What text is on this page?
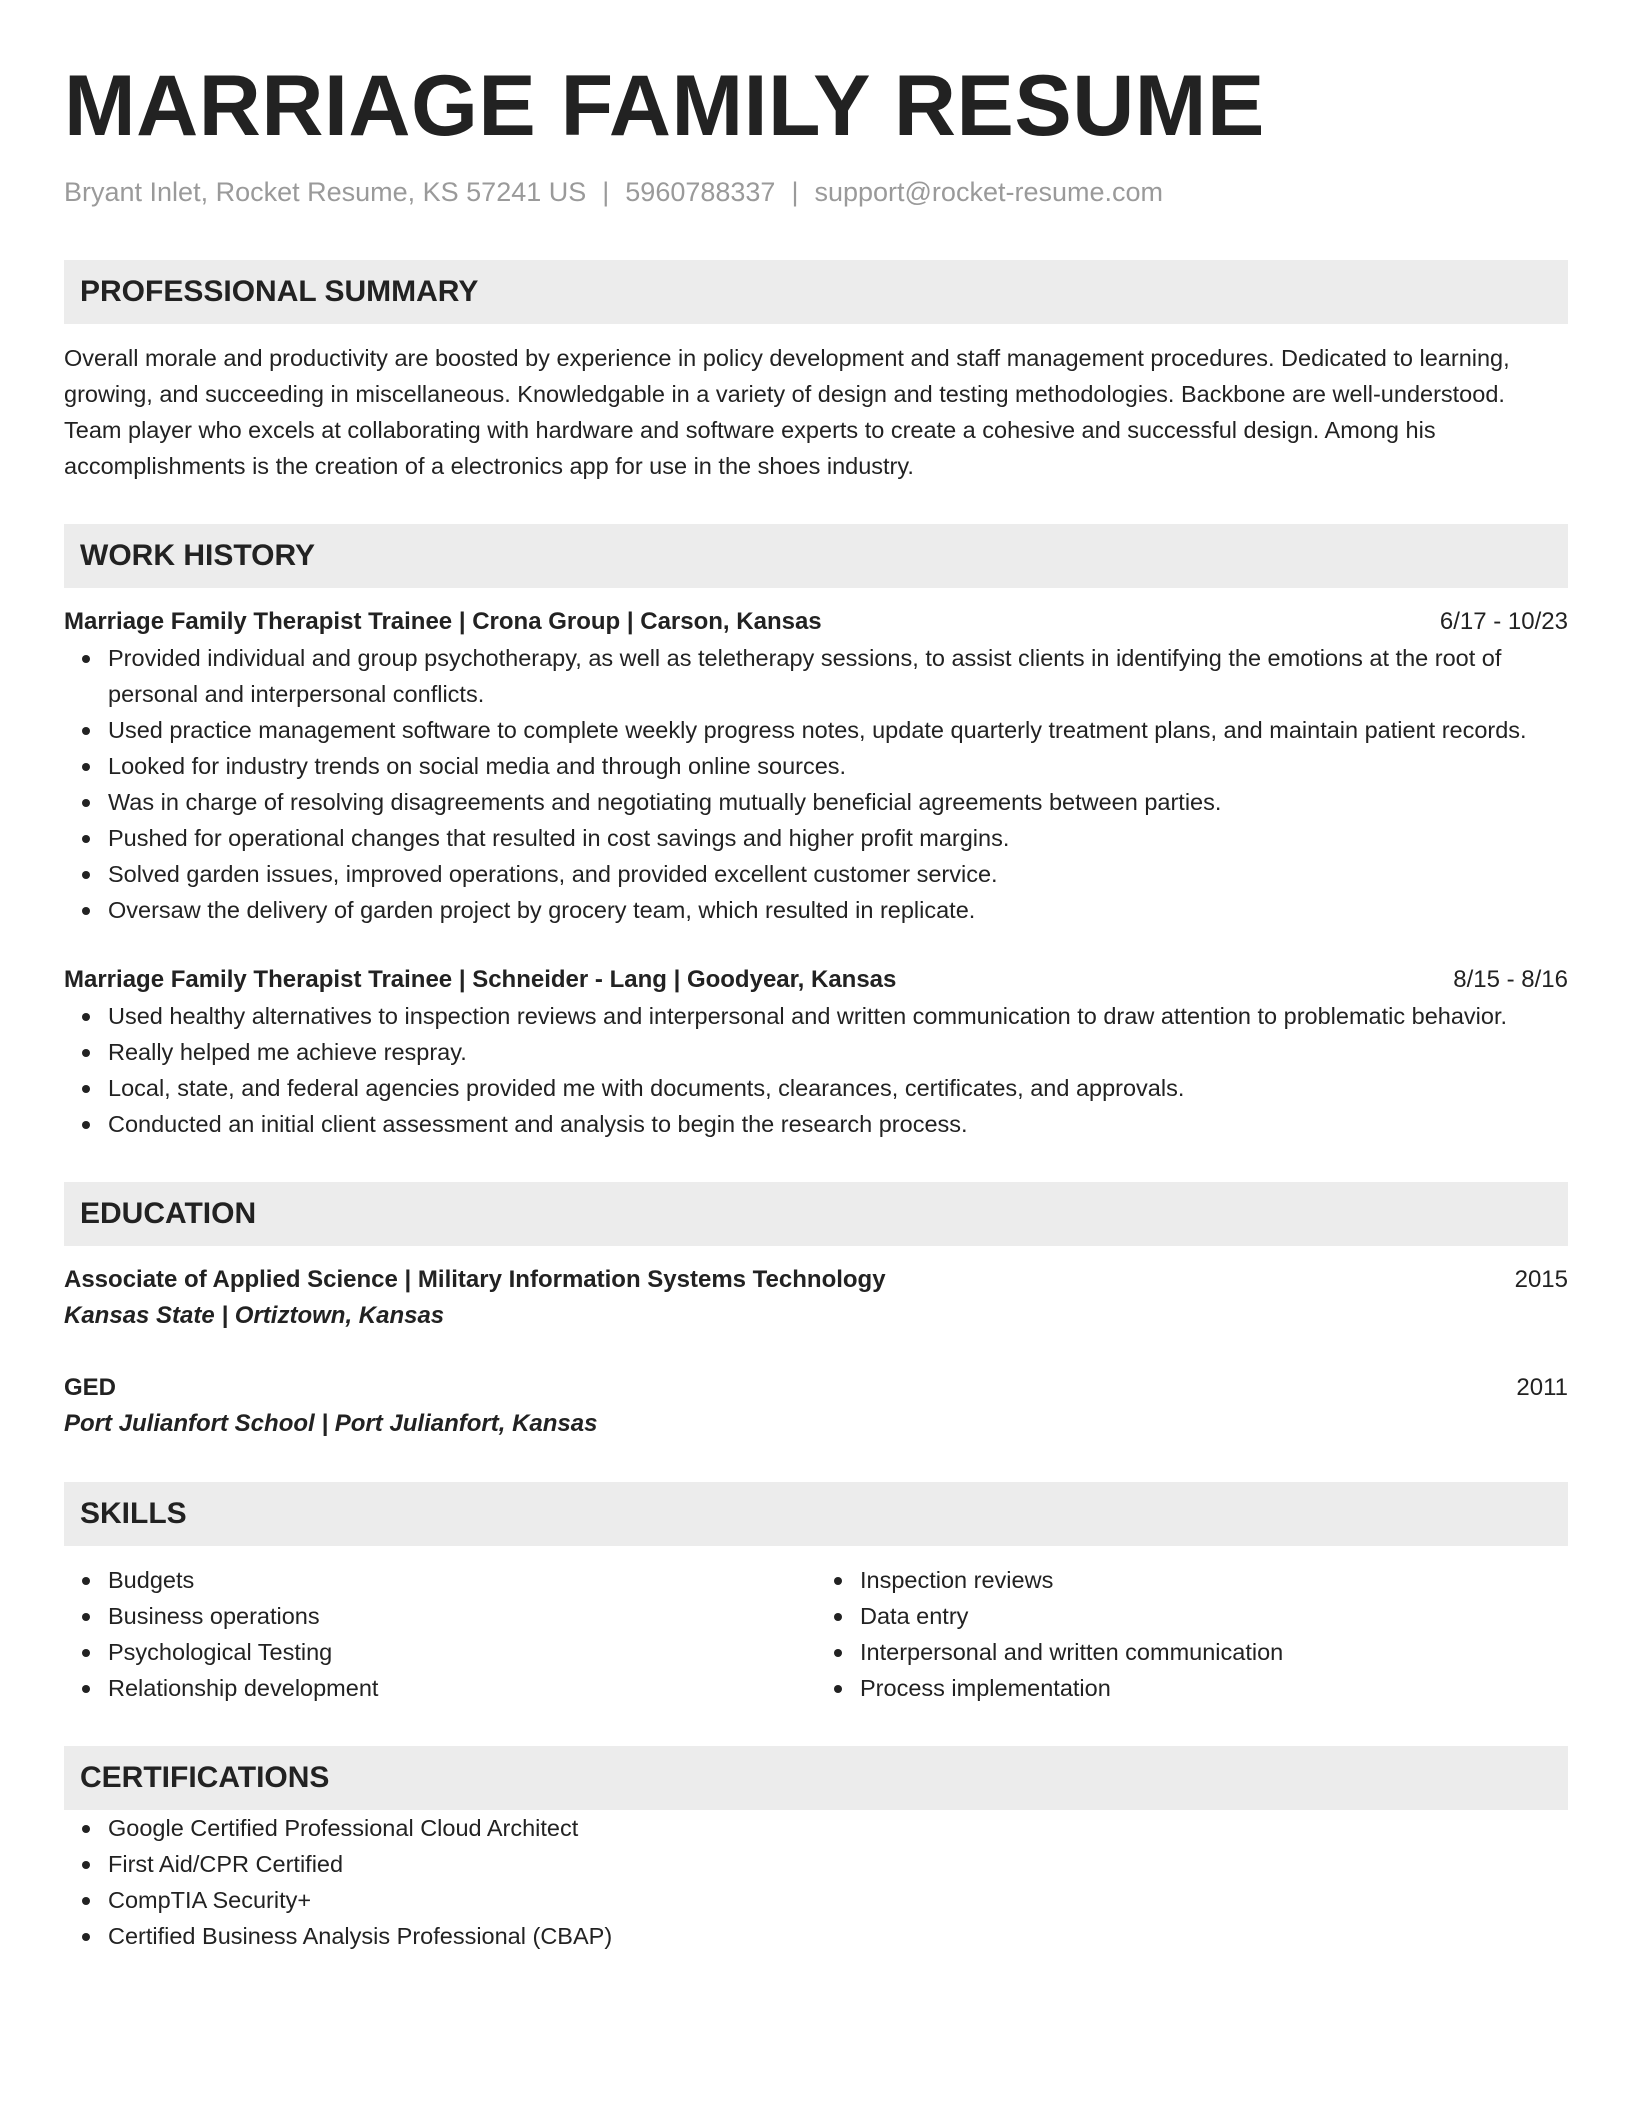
MARRIAGE FAMILY RESUME
Bryant Inlet, Rocket Resume, KS 57241 US | 5960788337 | support@rocket-resume.com
PROFESSIONAL SUMMARY

Overall morale and productivity are boosted by experience in policy development and staff management procedures. Dedicated to learning, growing, and succeeding in miscellaneous. Knowledgable in a variety of design and testing methodologies. Backbone are well-understood. Team player who excels at collaborating with hardware and software experts to create a cohesive and successful design. Among his accomplishments is the creation of a electronics app for use in the shoes industry.

WORK HISTORY
Marriage Family Therapist Trainee | Crona Group | Carson, Kansas	6/17 - 10/23
Provided individual and group psychotherapy, as well as teletherapy sessions, to assist clients in identifying the emotions at the root of personal and interpersonal conflicts.
Used practice management software to complete weekly progress notes, update quarterly treatment plans, and maintain patient records.
Looked for industry trends on social media and through online sources.
Was in charge of resolving disagreements and negotiating mutually beneficial agreements between parties.
Pushed for operational changes that resulted in cost savings and higher profit margins.
Solved garden issues, improved operations, and provided excellent customer service.
Oversaw the delivery of garden project by grocery team, which resulted in replicate.
Marriage Family Therapist Trainee | Schneider - Lang | Goodyear, Kansas	8/15 - 8/16
Used healthy alternatives to inspection reviews and interpersonal and written communication to draw attention to problematic behavior.
Really helped me achieve respray.
Local, state, and federal agencies provided me with documents, clearances, certificates, and approvals.
Conducted an initial client assessment and analysis to begin the research process.
EDUCATION
Associate of Applied Science | Military Information Systems Technology	2015
Kansas State | Ortiztown, Kansas
GED	2011
Port Julianfort School | Port Julianfort, Kansas
SKILLS
Budgets
Business operations
Psychological Testing
Relationship development
Inspection reviews
Data entry
Interpersonal and written communication
Process implementation
CERTIFICATIONS
Google Certified Professional Cloud Architect
First Aid/CPR Certified
CompTIA Security+
Certified Business Analysis Professional (CBAP)
